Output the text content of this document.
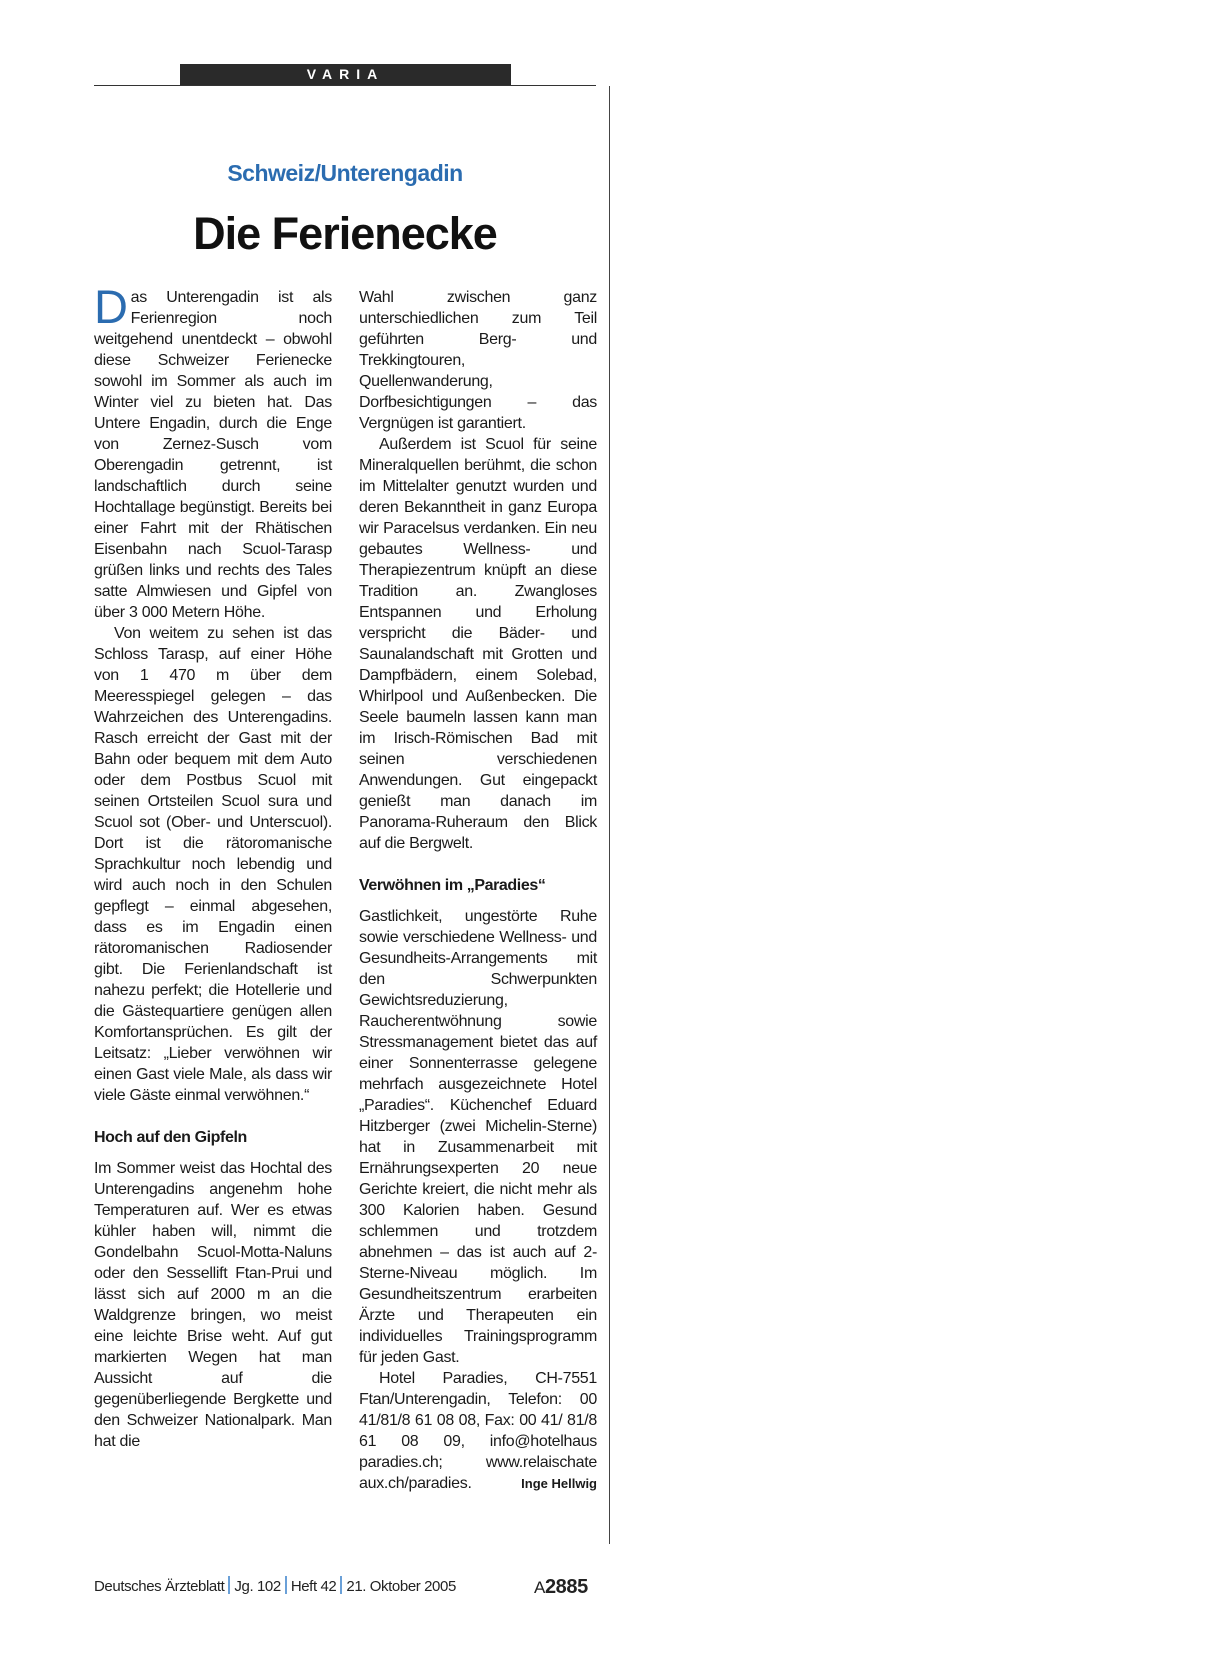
VARIA
Schweiz/Unterengadin
Die Ferienecke

Das Unterengadin ist als Ferienregion noch weitgehend unentdeckt – obwohl diese Schweizer Ferienecke sowohl im Sommer als auch im Winter viel zu bieten hat. Das Untere Engadin, durch die Enge von Zernez-Susch vom Oberengadin getrennt, ist landschaftlich durch seine Hochtallage begünstigt. Bereits bei einer Fahrt mit der Rhätischen Eisenbahn nach Scuol-Tarasp grüßen links und rechts des Tales satte Almwiesen und Gipfel von über 3 000 Metern Höhe.

Von weitem zu sehen ist das Schloss Tarasp, auf einer Höhe von 1 470 m über dem Meeresspiegel gelegen – das Wahrzeichen des Unterengadins. Rasch erreicht der Gast mit der Bahn oder bequem mit dem Auto oder dem Postbus Scuol mit seinen Ortsteilen Scuol sura und Scuol sot (Ober- und Unterscuol). Dort ist die rätoromanische Sprachkultur noch lebendig und wird auch noch in den Schulen gepflegt – einmal abgesehen, dass es im Engadin einen rätoromanischen Radiosender gibt. Die Ferienlandschaft ist nahezu perfekt; die Hotellerie und die Gästequartiere genügen allen Komfortansprüchen. Es gilt der Leitsatz: „Lieber verwöhnen wir einen Gast viele Male, als dass wir viele Gäste einmal verwöhnen.“

Hoch auf den Gipfeln

Im Sommer weist das Hochtal des Unterengadins angenehm hohe Temperaturen auf. Wer es etwas kühler haben will, nimmt die Gondelbahn Scuol-Motta-Naluns oder den Sessellift Ftan-Prui und lässt sich auf 2000 m an die Waldgrenze bringen, wo meist eine leichte Brise weht. Auf gut markierten Wegen hat man Aussicht auf die gegenüberliegende Bergkette und den Schweizer Nationalpark. Man hat die

Wahl zwischen ganz unterschiedlichen zum Teil geführten Berg- und Trekkingtouren, Quellenwanderung, Dorfbesichtigungen – das Vergnügen ist garantiert.

Außerdem ist Scuol für seine Mineralquellen berühmt, die schon im Mittelalter genutzt wurden und deren Bekanntheit in ganz Europa wir Paracelsus verdanken. Ein neu gebautes Wellness- und Therapiezentrum knüpft an diese Tradition an. Zwangloses Entspannen und Erholung verspricht die Bäder- und Saunalandschaft mit Grotten und Dampfbädern, einem Solebad, Whirlpool und Außenbecken. Die Seele baumeln lassen kann man im Irisch-Römischen Bad mit seinen verschiedenen Anwendungen. Gut eingepackt genießt man danach im Panorama-Ruheraum den Blick auf die Bergwelt.

Verwöhnen im „Paradies“

Gastlichkeit, ungestörte Ruhe sowie verschiedene Wellness- und Gesundheits-Arrangements mit den Schwerpunkten Gewichtsreduzierung, Raucherentwöhnung sowie Stressmanagement bietet das auf einer Sonnenterrasse gelegene mehrfach ausgezeichnete Hotel „Paradies“. Küchenchef Eduard Hitzberger (zwei Michelin-Sterne) hat in Zusammenarbeit mit Ernährungsexperten 20 neue Gerichte kreiert, die nicht mehr als 300 Kalorien haben. Gesund schlemmen und trotzdem abnehmen – das ist auch auf 2-Sterne-Niveau möglich. Im Gesundheitszentrum erarbeiten Ärzte und Therapeuten ein individuelles Trainingsprogramm für jeden Gast.

Hotel Paradies, CH-7551 Ftan/Unterengadin, Telefon: 00 41/81/8 61 08 08, Fax: 00 41/ 81/8 61 08 09, info@hotelhaus paradies.ch; www.relaischate aux.ch/paradies.	Inge Hellwig

Deutsches Ärzteblatt Jg. 102 Heft 42 21. Oktober 2005	A2885
